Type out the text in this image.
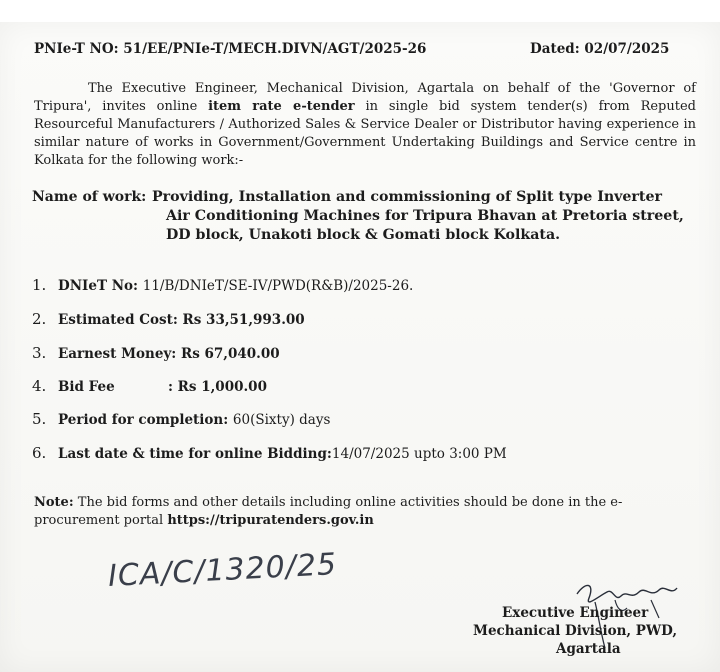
PNIe-T NO: 51/EE/PNIe-T/MECH.DIVN/AGT/2025-26	Dated: 02/07/2025
The Executive Engineer, Mechanical Division, Agartala on behalf of the 'Governor of Tripura', invites online item rate e-tender in single bid system tender(s) from Reputed Resourceful Manufacturers / Authorized Sales & Service Dealer or Distributor having experience in similar nature of works in Government/Government Undertaking Buildings and Service centre in Kolkata for the following work:-
Name of work: Providing, Installation and commissioning of Split type Inverter
Air Conditioning Machines for Tripura Bhavan at Pretoria street,
DD block, Unakoti block & Gomati block Kolkata.
1. DNIeT No: 11/B/DNIeT/SE-IV/PWD(R&B)/2025-26.
2. Estimated Cost: Rs 33,51,993.00
3. Earnest Money: Rs 67,040.00
4. Bid Fee	: Rs 1,000.00
5. Period for completion: 60(Sixty) days
6. Last date & time for online Bidding:14/07/2025 upto 3:00 PM
Note: The bid forms and other details including online activities should be done in the e-procurement portal https://tripuratenders.gov.in
ICA/C/1320/25
Executive Engineer
Mechanical Division, PWD,
Agartala
